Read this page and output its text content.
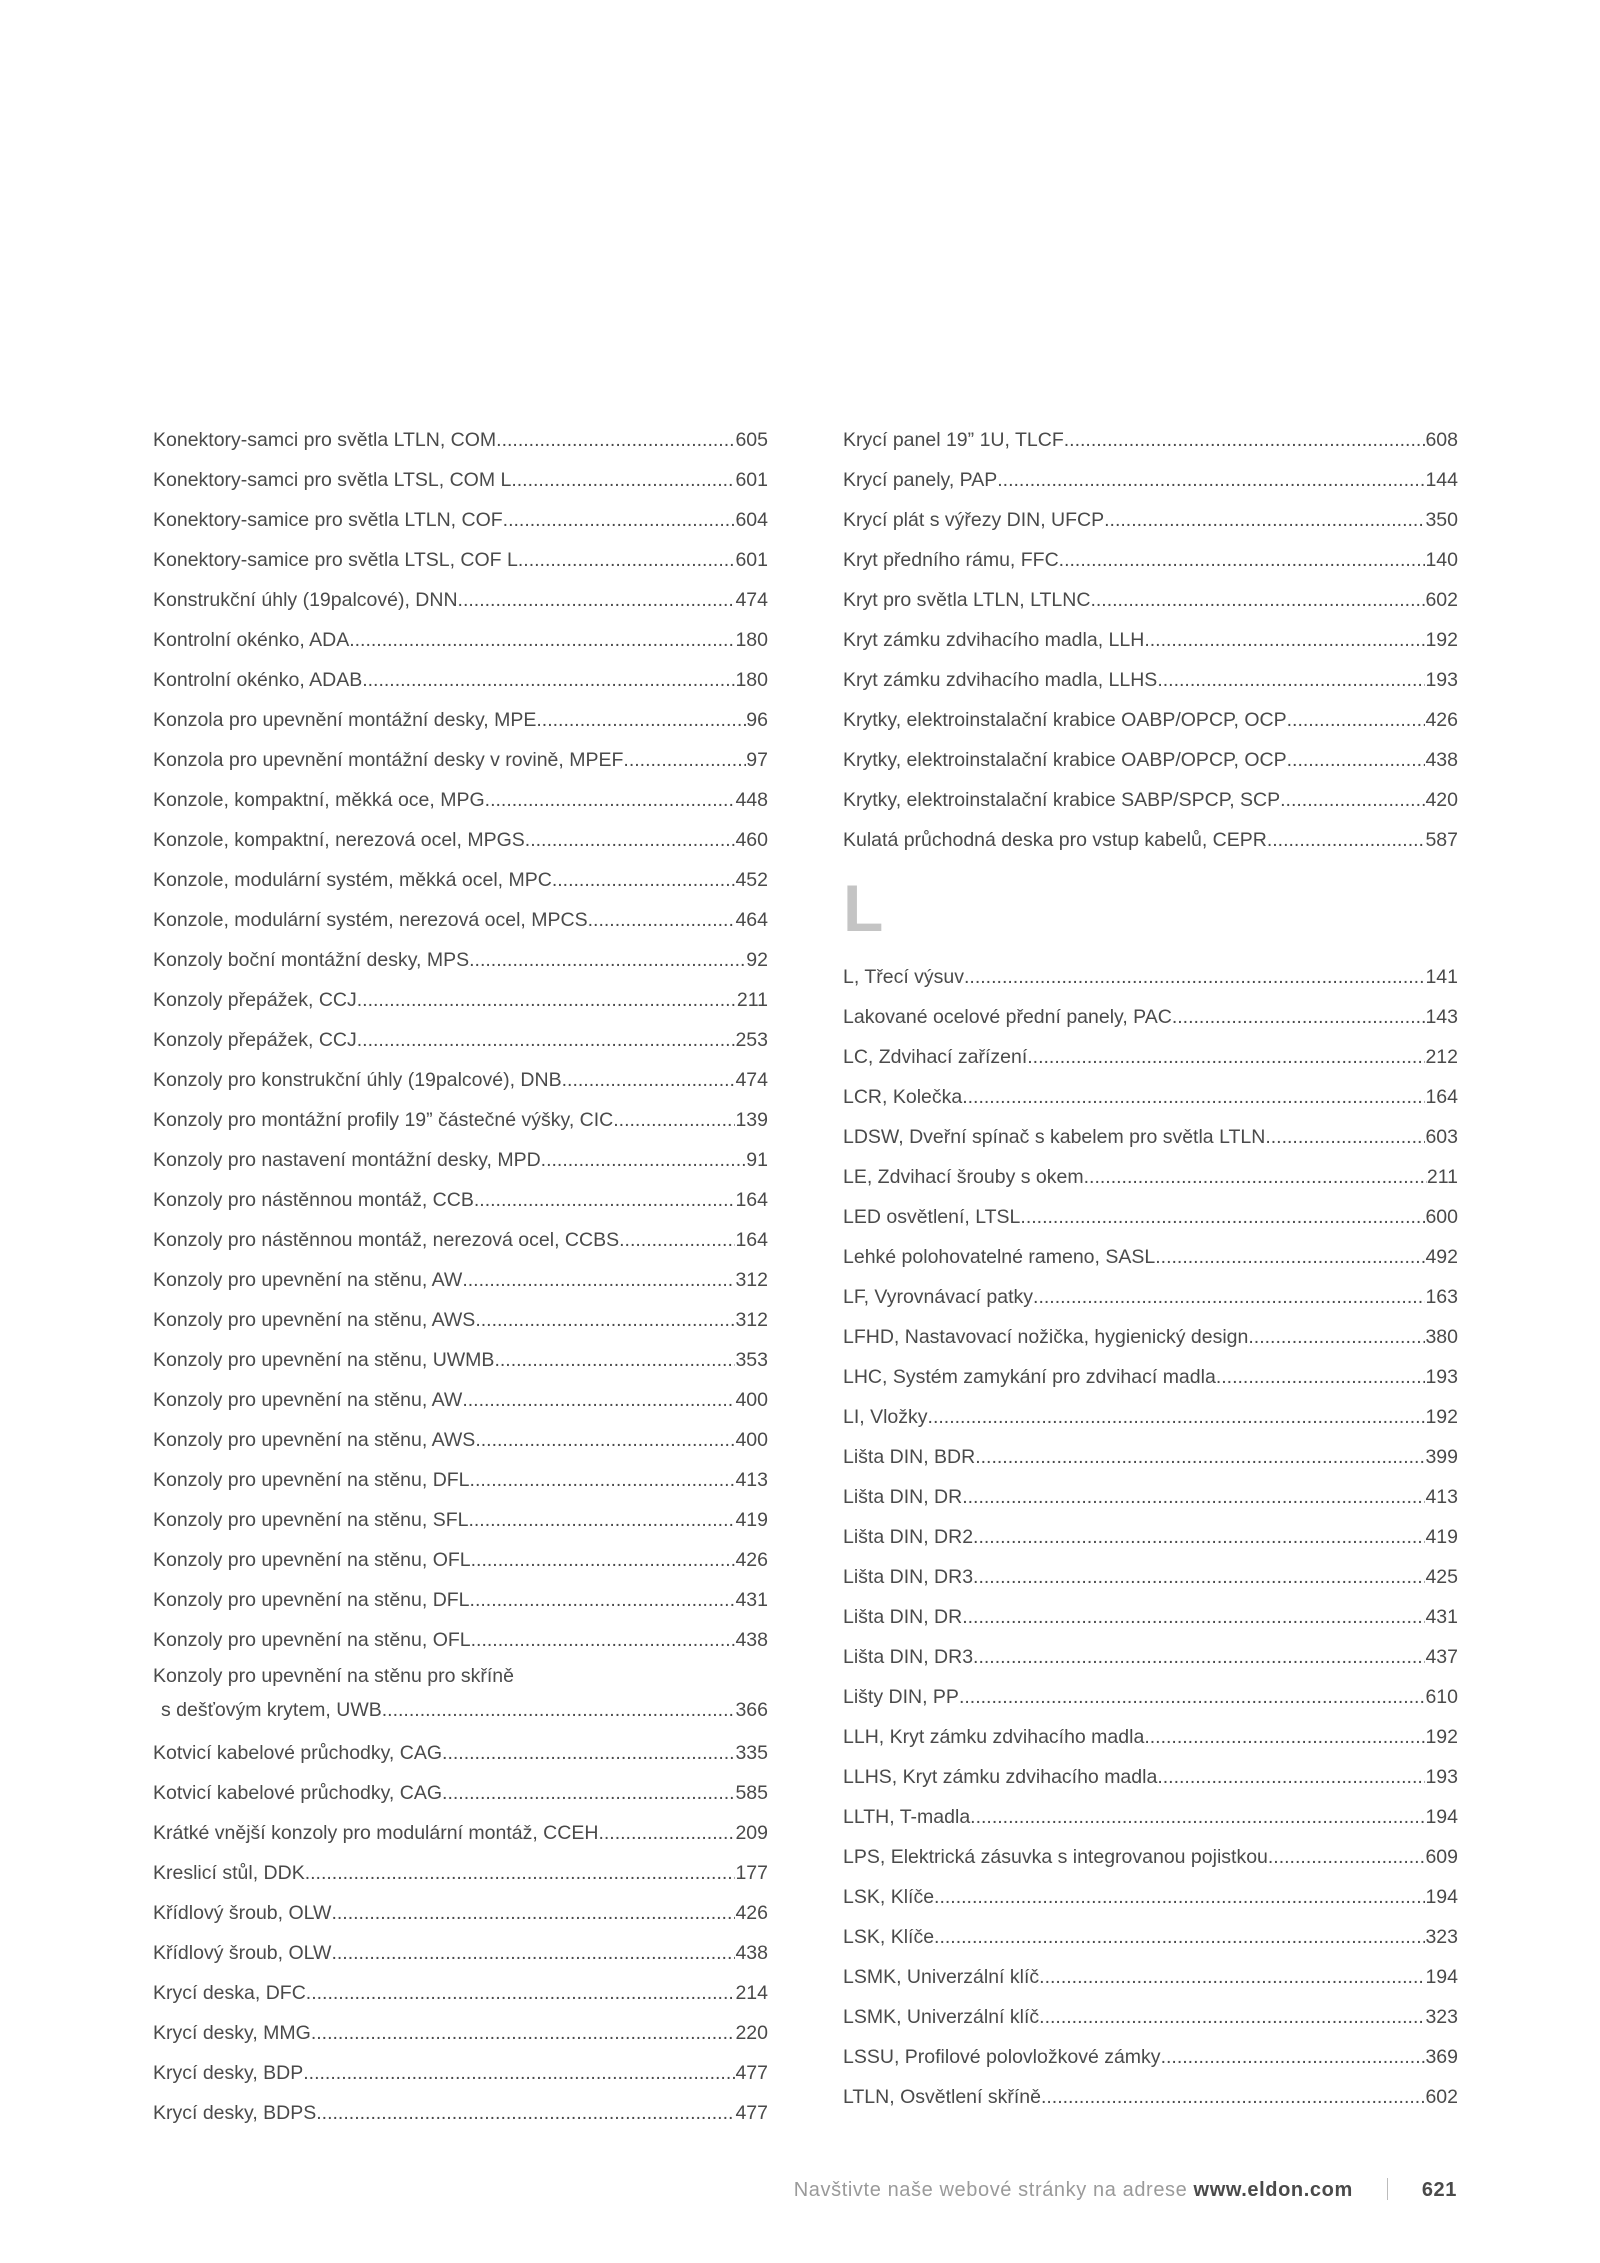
Konektory-samci pro světla LTLN, COM .....	605
Konektory-samci pro světla LTSL, COM L .....	601
Konektory-samice pro světla LTLN, COF .....	604
Konektory-samice pro světla LTSL, COF L .....	601
Konstrukční úhly (19palcové), DNN .....	474
Kontrolní okénko, ADA .....	180
Kontrolní okénko, ADAB .....	180
Konzola pro upevnění montážní desky, MPE .....	96
Konzola pro upevnění montážní desky v rovině, MPEF .....	97
Konzole, kompaktní, měkká oce, MPG .....	448
Konzole, kompaktní, nerezová ocel, MPGS .....	460
Konzole, modulární systém, měkká ocel, MPC .....	452
Konzole, modulární systém, nerezová ocel, MPCS .....	464
Konzoly boční montážní desky, MPS .....	92
Konzoly přepážek, CCJ .....	211
Konzoly přepážek, CCJ .....	253
Konzoly pro konstrukční úhly (19palcové), DNB .....	474
Konzoly pro montážní profily 19” částečné výšky, CIC .....	139
Konzoly pro nastavení montážní desky, MPD .....	91
Konzoly pro nástěnnou montáž, CCB .....	164
Konzoly pro nástěnnou montáž, nerezová ocel, CCBS .....	164
Konzoly pro upevnění na stěnu, AW .....	312
Konzoly pro upevnění na stěnu, AWS .....	312
Konzoly pro upevnění na stěnu, UWMB .....	353
Konzoly pro upevnění na stěnu, AW .....	400
Konzoly pro upevnění na stěnu, AWS .....	400
Konzoly pro upevnění na stěnu, DFL .....	413
Konzoly pro upevnění na stěnu, SFL .....	419
Konzoly pro upevnění na stěnu, OFL .....	426
Konzoly pro upevnění na stěnu, DFL .....	431
Konzoly pro upevnění na stěnu, OFL .....	438
Konzoly pro upevnění na stěnu pro skříně
s dešťovým krytem, UWB .....	366
Kotvicí kabelové průchodky, CAG .....	335
Kotvicí kabelové průchodky, CAG .....	585
Krátké vnější konzoly pro modulární montáž, CCEH .....	209
Kreslicí stůl, DDK .....	177
Křídlový šroub, OLW .....	426
Křídlový šroub, OLW .....	438
Krycí deska, DFC .....	214
Krycí desky, MMG .....	220
Krycí desky, BDP .....	477
Krycí desky, BDPS .....	477
Krycí panel 19” 1U, TLCF .....	608
Krycí panely, PAP .....	144
Krycí plát s výřezy DIN, UFCP .....	350
Kryt předního rámu, FFC .....	140
Kryt pro světla LTLN, LTLNC .....	602
Kryt zámku zdvihacího madla, LLH .....	192
Kryt zámku zdvihacího madla, LLHS .....	193
Krytky, elektroinstalační krabice OABP/OPCP, OCP .....	426
Krytky, elektroinstalační krabice OABP/OPCP, OCP .....	438
Krytky, elektroinstalační krabice SABP/SPCP, SCP .....	420
Kulatá průchodná deska pro vstup kabelů, CEPR .....	587
L
L, Třecí výsuv .....	141
Lakované ocelové přední panely, PAC .....	143
LC, Zdvihací zařízení .....	212
LCR, Kolečka .....	164
LDSW, Dveřní spínač s kabelem pro světla LTLN .....	603
LE, Zdvihací šrouby s okem .....	211
LED osvětlení, LTSL .....	600
Lehké polohovatelné rameno, SASL .....	492
LF, Vyrovnávací patky .....	163
LFHD, Nastavovací nožička, hygienický design .....	380
LHC, Systém zamykání pro zdvihací madla .....	193
LI, Vložky .....	192
Lišta DIN, BDR .....	399
Lišta DIN, DR .....	413
Lišta DIN, DR2 .....	419
Lišta DIN, DR3 .....	425
Lišta DIN, DR .....	431
Lišta DIN, DR3 .....	437
Lišty DIN, PP .....	610
LLH, Kryt zámku zdvihacího madla .....	192
LLHS, Kryt zámku zdvihacího madla .....	193
LLTH, T-madla .....	194
LPS, Elektrická zásuvka s integrovanou pojistkou .....	609
LSK, Klíče .....	194
LSK, Klíče .....	323
LSMK, Univerzální klíč .....	194
LSMK, Univerzální klíč .....	323
LSSU, Profilové polovložkové zámky .....	369
LTLN, Osvětlení skříně .....	602
Navštivte naše webové stránky na adrese www.eldon.com	621
